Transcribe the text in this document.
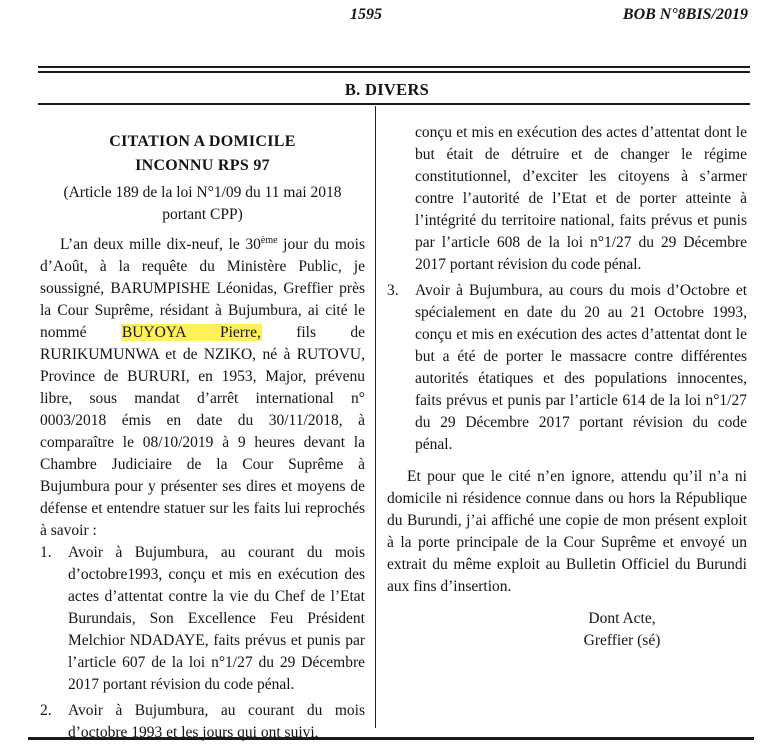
1595	BOB N°8BIS/2019
B. DIVERS
CITATION A DOMICILE
INCONNU RPS 97
(Article 189 de la loi N°1/09 du 11 mai 2018
portant CPP)

L’an deux mille dix-neuf, le 30ème jour du mois d’Août, à la requête du Ministère Public, je soussigné, BARUMPISHE Léonidas, Greffier près la Cour Suprême, résidant à Bujumbura, ai cité le nommé BUYOYA Pierre, fils de RURIKUMUNWA et de NZIKO, né à RUTOVU, Province de BURURI, en 1953, Major, prévenu libre, sous mandat d’arrêt international n° 0003/2018 émis en date du 30/11/2018, à comparaître le 08/10/2019 à 9 heures devant la Chambre Judiciaire de la Cour Suprême à Bujumbura pour y présenter ses dires et moyens de défense et entendre statuer sur les faits lui reprochés à savoir :

1. Avoir à Bujumbura, au courant du mois d’octobre1993, conçu et mis en exécution des actes d’attentat contre la vie du Chef de l’Etat Burundais, Son Excellence Feu Président Melchior NDADAYE, faits prévus et punis par l’article 607 de la loi n°1/27 du 29 Décembre 2017 portant révision du code pénal.
2. Avoir à Bujumbura, au courant du mois d’octobre 1993 et les jours qui ont suivi,
conçu et mis en exécution des actes d’attentat dont le but était de détruire et de changer le régime constitutionnel, d’exciter les citoyens à s’armer contre l’autorité de l’Etat et de porter atteinte à l’intégrité du territoire national, faits prévus et punis par l’article 608 de la loi n°1/27 du 29 Décembre 2017 portant révision du code pénal.
3. Avoir à Bujumbura, au cours du mois d’Octobre et spécialement en date du 20 au 21 Octobre 1993, conçu et mis en exécution des actes d’attentat dont le but a été de porter le massacre contre différentes autorités étatiques et des populations innocentes, faits prévus et punis par l’article 614 de la loi n°1/27 du 29 Décembre 2017 portant révision du code pénal.

Et pour que le cité n’en ignore, attendu qu’il n’a ni domicile ni résidence connue dans ou hors la République du Burundi, j’ai affiché une copie de mon présent exploit à la porte principale de la Cour Suprême et envoyé un extrait du même exploit au Bulletin Officiel du Burundi aux fins d’insertion.

Dont Acte,
Greffier (sé)
